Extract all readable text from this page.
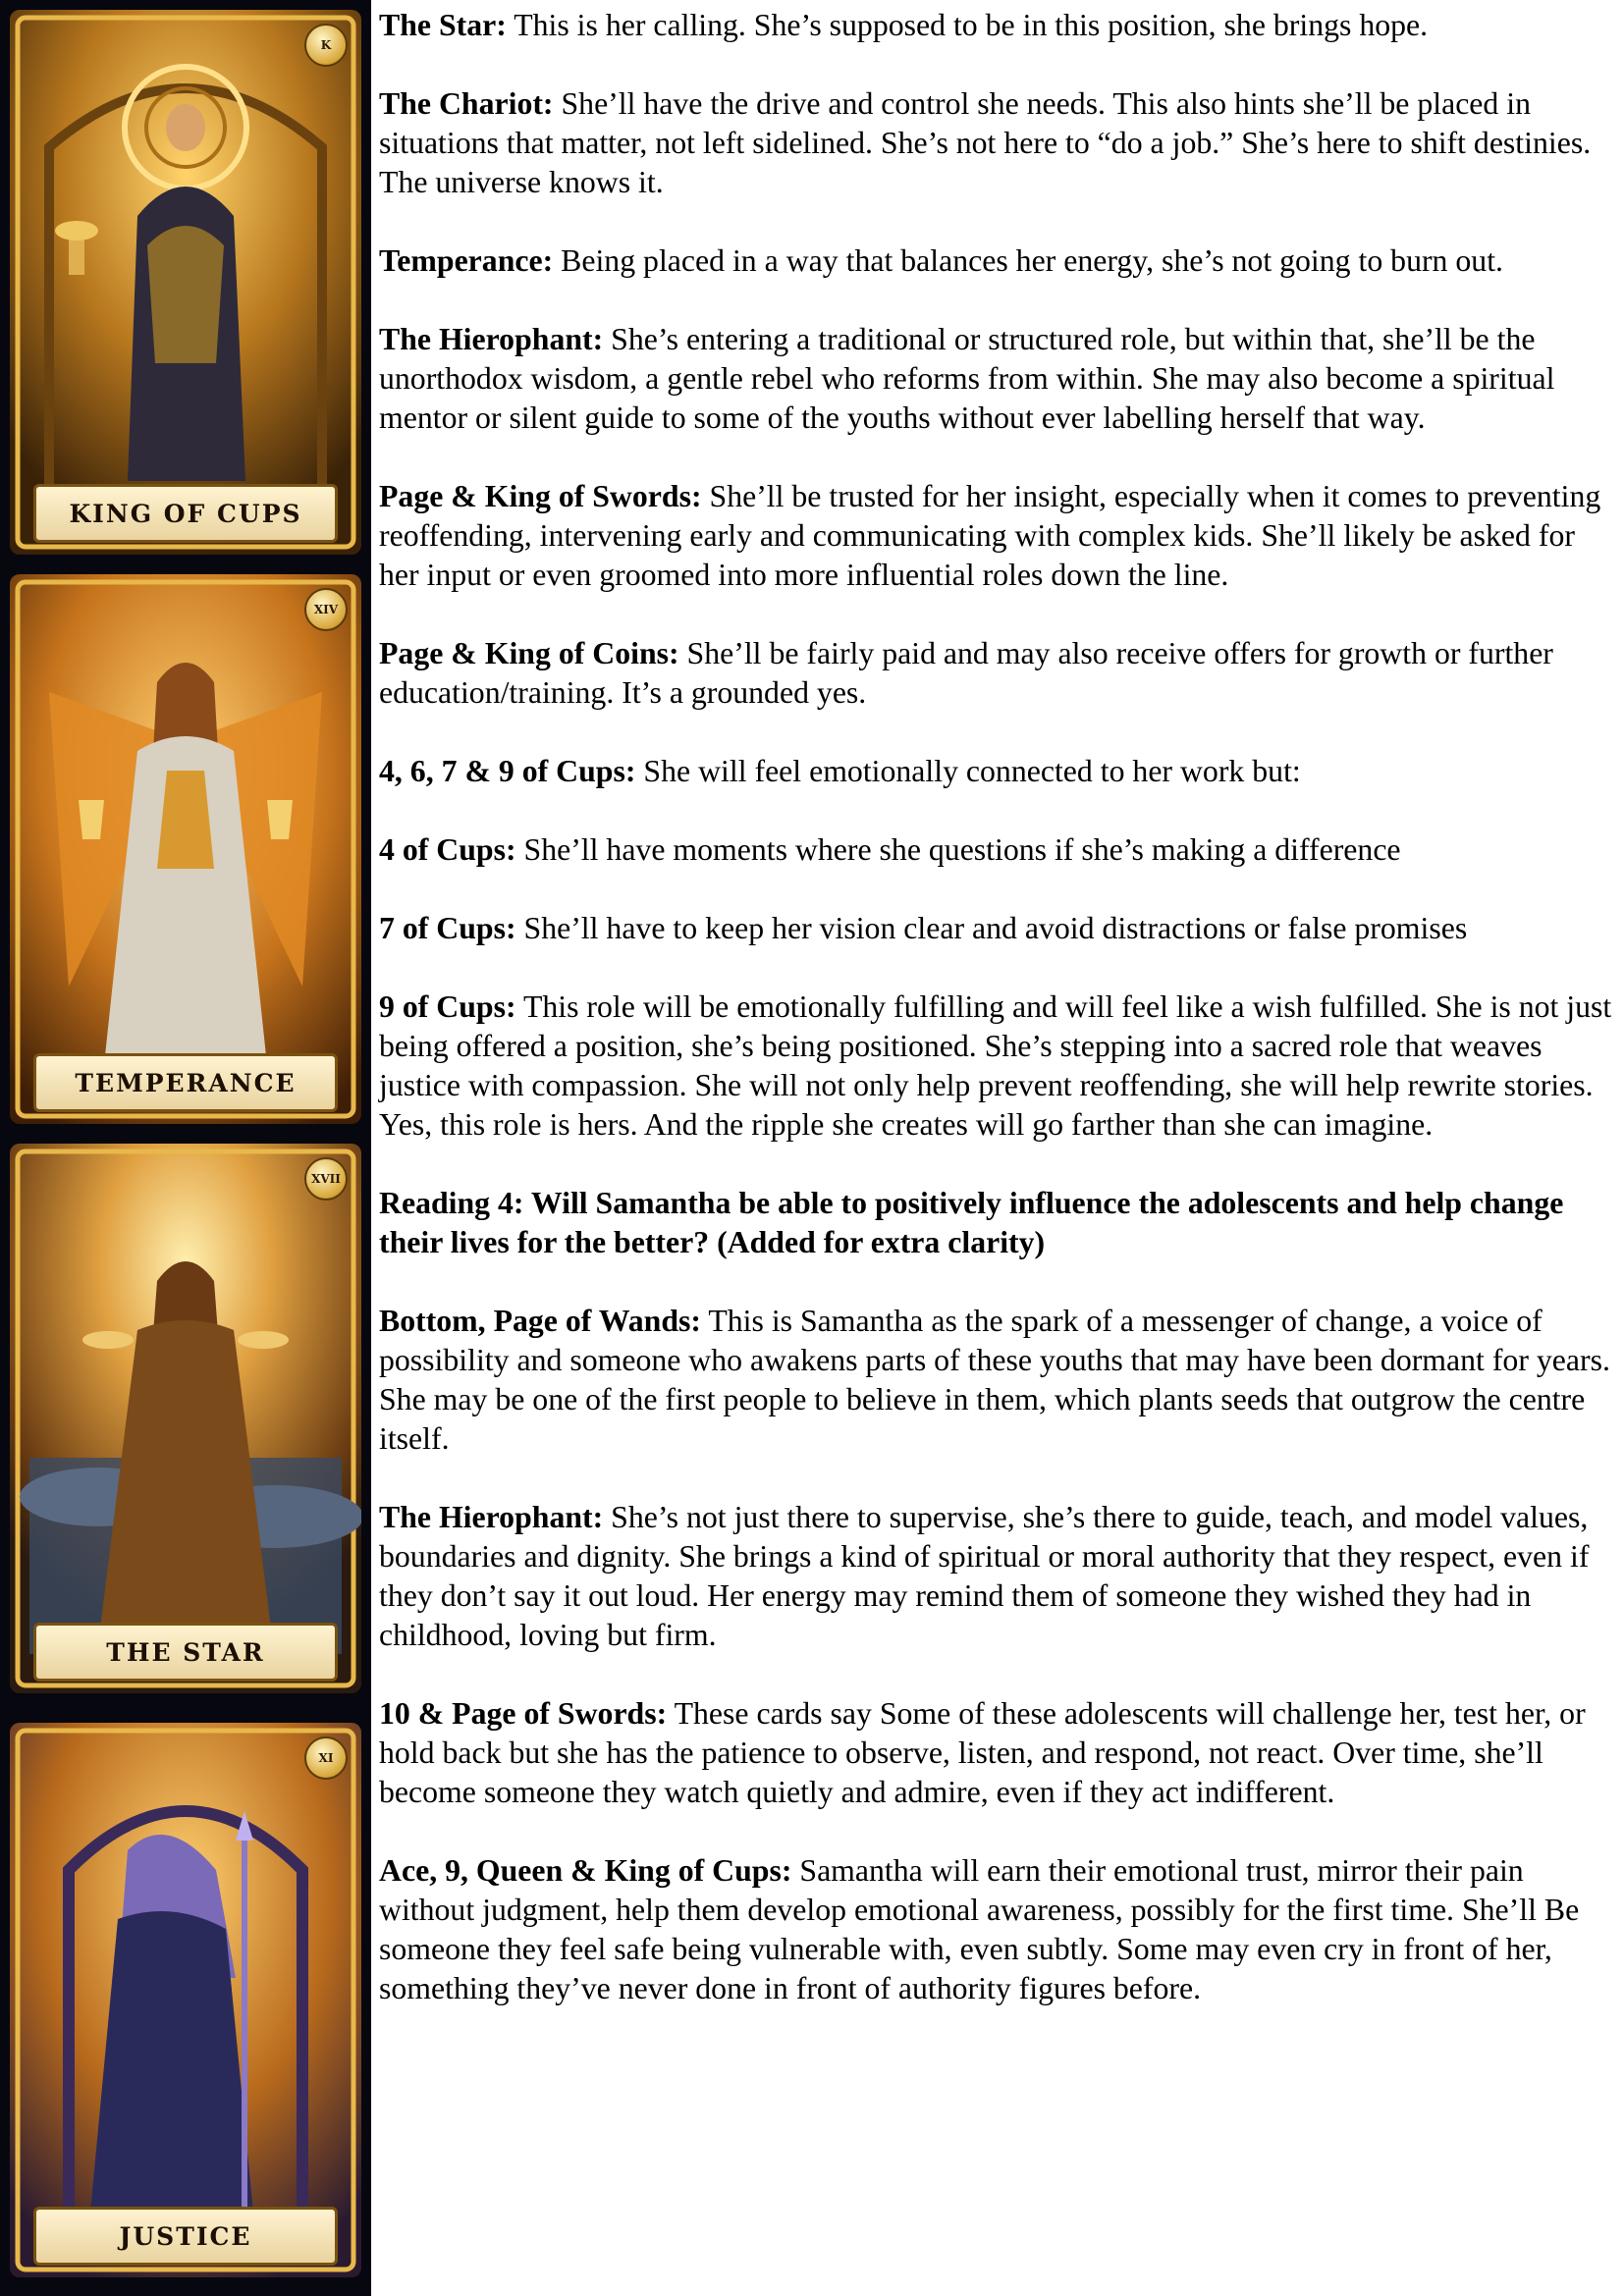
K
KING OF CUPS
XIV
TEMPERANCE
XVII
THE STAR
XI
JUSTICE

The Star: This is her calling. She’s supposed to be in this position, she brings hope.

The Chariot: She’ll have the drive and control she needs. This also hints she’ll be placed in situations that matter, not left sidelined. She’s not here to “do a job.” She’s here to shift destinies. The universe knows it.

Temperance: Being placed in a way that balances her energy, she’s not going to burn out.

The Hierophant: She’s entering a traditional or structured role, but within that, she’ll be the unorthodox wisdom, a gentle rebel who reforms from within. She may also become a spiritual mentor or silent guide to some of the youths without ever labelling herself that way.

Page & King of Swords: She’ll be trusted for her insight, especially when it comes to preventing reoffending, intervening early and communicating with complex kids. She’ll likely be asked for her input or even groomed into more influential roles down the line.

Page & King of Coins: She’ll be fairly paid and may also receive offers for growth or further education/training. It’s a grounded yes.

4, 6, 7 & 9 of Cups: She will feel emotionally connected to her work but:

4 of Cups: She’ll have moments where she questions if she’s making a difference

7 of Cups: She’ll have to keep her vision clear and avoid distractions or false promises

9 of Cups: This role will be emotionally fulfilling and will feel like a wish fulfilled. She is not just being offered a position, she’s being positioned. She’s stepping into a sacred role that weaves justice with compassion. She will not only help prevent reoffending, she will help rewrite stories. Yes, this role is hers. And the ripple she creates will go farther than she can imagine.

Reading 4: Will Samantha be able to positively influence the adolescents and help change their lives for the better? (Added for extra clarity)

Bottom, Page of Wands: This is Samantha as the spark of a messenger of change, a voice of possibility and someone who awakens parts of these youths that may have been dormant for years. She may be one of the first people to believe in them, which plants seeds that outgrow the centre itself.

The Hierophant: She’s not just there to supervise, she’s there to guide, teach, and model values, boundaries and dignity. She brings a kind of spiritual or moral authority that they respect, even if they don’t say it out loud. Her energy may remind them of someone they wished they had in childhood, loving but firm.

10 & Page of Swords: These cards say Some of these adolescents will challenge her, test her, or hold back but she has the patience to observe, listen, and respond, not react. Over time, she’ll become someone they watch quietly and admire, even if they act indifferent.

Ace, 9, Queen & King of Cups: Samantha will earn their emotional trust, mirror their pain without judgment, help them develop emotional awareness, possibly for the first time. She’ll Be someone they feel safe being vulnerable with, even subtly. Some may even cry in front of her, something they’ve never done in front of authority figures before.
